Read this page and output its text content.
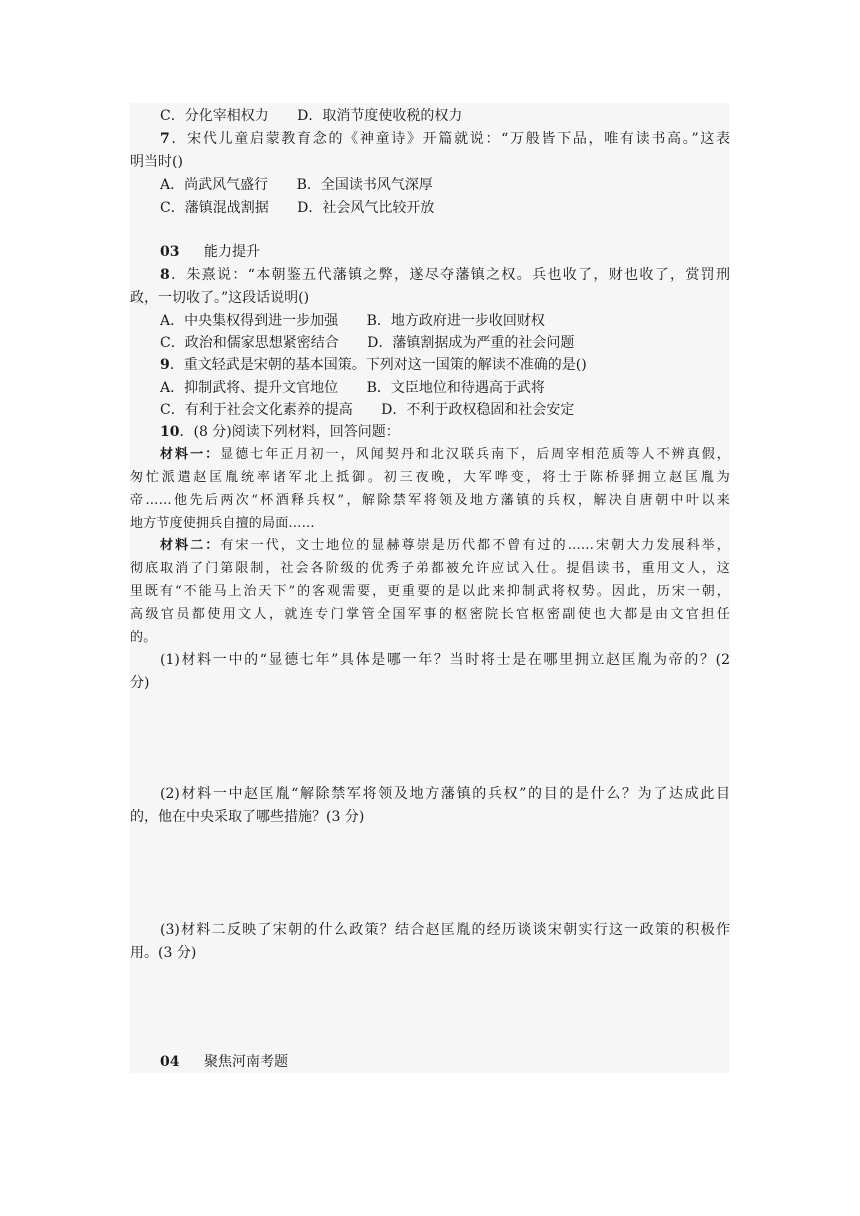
C．分化宰相权力 D．取消节度使收税的权力
7．宋代儿童启蒙教育念的《神童诗》开篇就说：“万般皆下品，唯有读书高。”这表
明当时()
A．尚武风气盛行 B．全国读书风气深厚
C．藩镇混战割据 D．社会风气比较开放
03 能力提升
8．朱熹说：“本朝鉴五代藩镇之弊，遂尽夺藩镇之权。兵也收了，财也收了，赏罚刑
政，一切收了。”这段话说明()
A．中央集权得到进一步加强 B．地方政府进一步收回财权
C．政治和儒家思想紧密结合 D．藩镇割据成为严重的社会问题
9．重文轻武是宋朝的基本国策。下列对这一国策的解读不准确的是()
A．抑制武将、提升文官地位 B．文臣地位和待遇高于武将
C．有利于社会文化素养的提高 D．不利于政权稳固和社会安定
10．(8 分)阅读下列材料，回答问题：
材料一：显德七年正月初一，风闻契丹和北汉联兵南下，后周宰相范质等人不辨真假，
匆忙派遣赵匡胤统率诸军北上抵御。初三夜晚，大军哗变，将士于陈桥驿拥立赵匡胤为
帝……他先后两次“杯酒释兵权”，解除禁军将领及地方藩镇的兵权，解决自唐朝中叶以来
地方节度使拥兵自擅的局面……
材料二：有宋一代，文士地位的显赫尊崇是历代都不曾有过的……宋朝大力发展科举，
彻底取消了门第限制，社会各阶级的优秀子弟都被允许应试入仕。提倡读书，重用文人，这
里既有“不能马上治天下”的客观需要，更重要的是以此来抑制武将权势。因此，历宋一朝，
高级官员都使用文人，就连专门掌管全国军事的枢密院长官枢密副使也大都是由文官担任
的。
(1)材料一中的“显德七年”具体是哪一年？当时将士是在哪里拥立赵匡胤为帝的？(2
分)
(2)材料一中赵匡胤“解除禁军将领及地方藩镇的兵权”的目的是什么？为了达成此目
的，他在中央采取了哪些措施？(3 分)
(3)材料二反映了宋朝的什么政策？结合赵匡胤的经历谈谈宋朝实行这一政策的积极作
用。(3 分)
04 聚焦河南考题
